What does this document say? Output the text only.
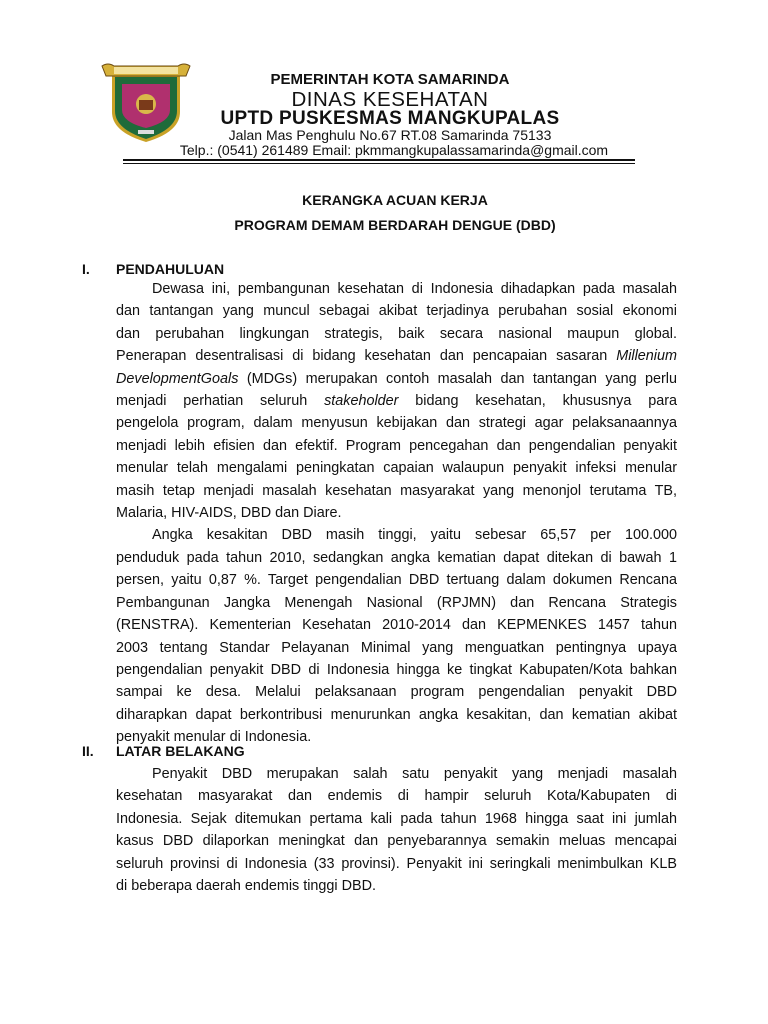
PEMERINTAH KOTA SAMARINDA
DINAS KESEHATAN
UPTD PUSKESMAS MANGKUPALAS
Jalan Mas Penghulu No.67 RT.08 Samarinda 75133
Telp.: (0541) 261489 Email: pkmmangkupalassamarinda@gmail.com
KERANGKA ACUAN KERJA
PROGRAM DEMAM BERDARAH DENGUE (DBD)
I. PENDAHULUAN
Dewasa ini, pembangunan kesehatan di Indonesia dihadapkan pada masalah
dan tantangan yang muncul sebagai akibat terjadinya perubahan sosial ekonomi
dan perubahan lingkungan strategis, baik secara nasional maupun global.
Penerapan desentralisasi di bidang kesehatan dan pencapaian sasaran Millenium
DevelopmentGoals (MDGs) merupakan contoh masalah dan tantangan yang perlu
menjadi perhatian seluruh stakeholder bidang kesehatan, khususnya para
pengelola program, dalam menyusun kebijakan dan strategi agar pelaksanaannya
menjadi lebih efisien dan efektif. Program pencegahan dan pengendalian penyakit
menular telah mengalami peningkatan capaian walaupun penyakit infeksi menular
masih tetap menjadi masalah kesehatan masyarakat yang menonjol terutama TB,
Malaria, HIV-AIDS, DBD dan Diare.
Angka kesakitan DBD masih tinggi, yaitu sebesar 65,57 per 100.000
penduduk pada tahun 2010, sedangkan angka kematian dapat ditekan di bawah 1
persen, yaitu 0,87 %. Target pengendalian DBD tertuang dalam dokumen Rencana
Pembangunan Jangka Menengah Nasional (RPJMN) dan Rencana Strategis
(RENSTRA). Kementerian Kesehatan 2010-2014 dan KEPMENKES 1457 tahun
2003 tentang Standar Pelayanan Minimal yang menguatkan pentingnya upaya
pengendalian penyakit DBD di Indonesia hingga ke tingkat Kabupaten/Kota bahkan
sampai ke desa. Melalui pelaksanaan program pengendalian penyakit DBD
diharapkan dapat berkontribusi menurunkan angka kesakitan, dan kematian akibat
penyakit menular di Indonesia.
II. LATAR BELAKANG
Penyakit DBD merupakan salah satu penyakit yang menjadi masalah
kesehatan masyarakat dan endemis di hampir seluruh Kota/Kabupaten di
Indonesia. Sejak ditemukan pertama kali pada tahun 1968 hingga saat ini jumlah
kasus DBD dilaporkan meningkat dan penyebarannya semakin meluas mencapai
seluruh provinsi di Indonesia (33 provinsi). Penyakit ini seringkali menimbulkan KLB
di beberapa daerah endemis tinggi DBD.
